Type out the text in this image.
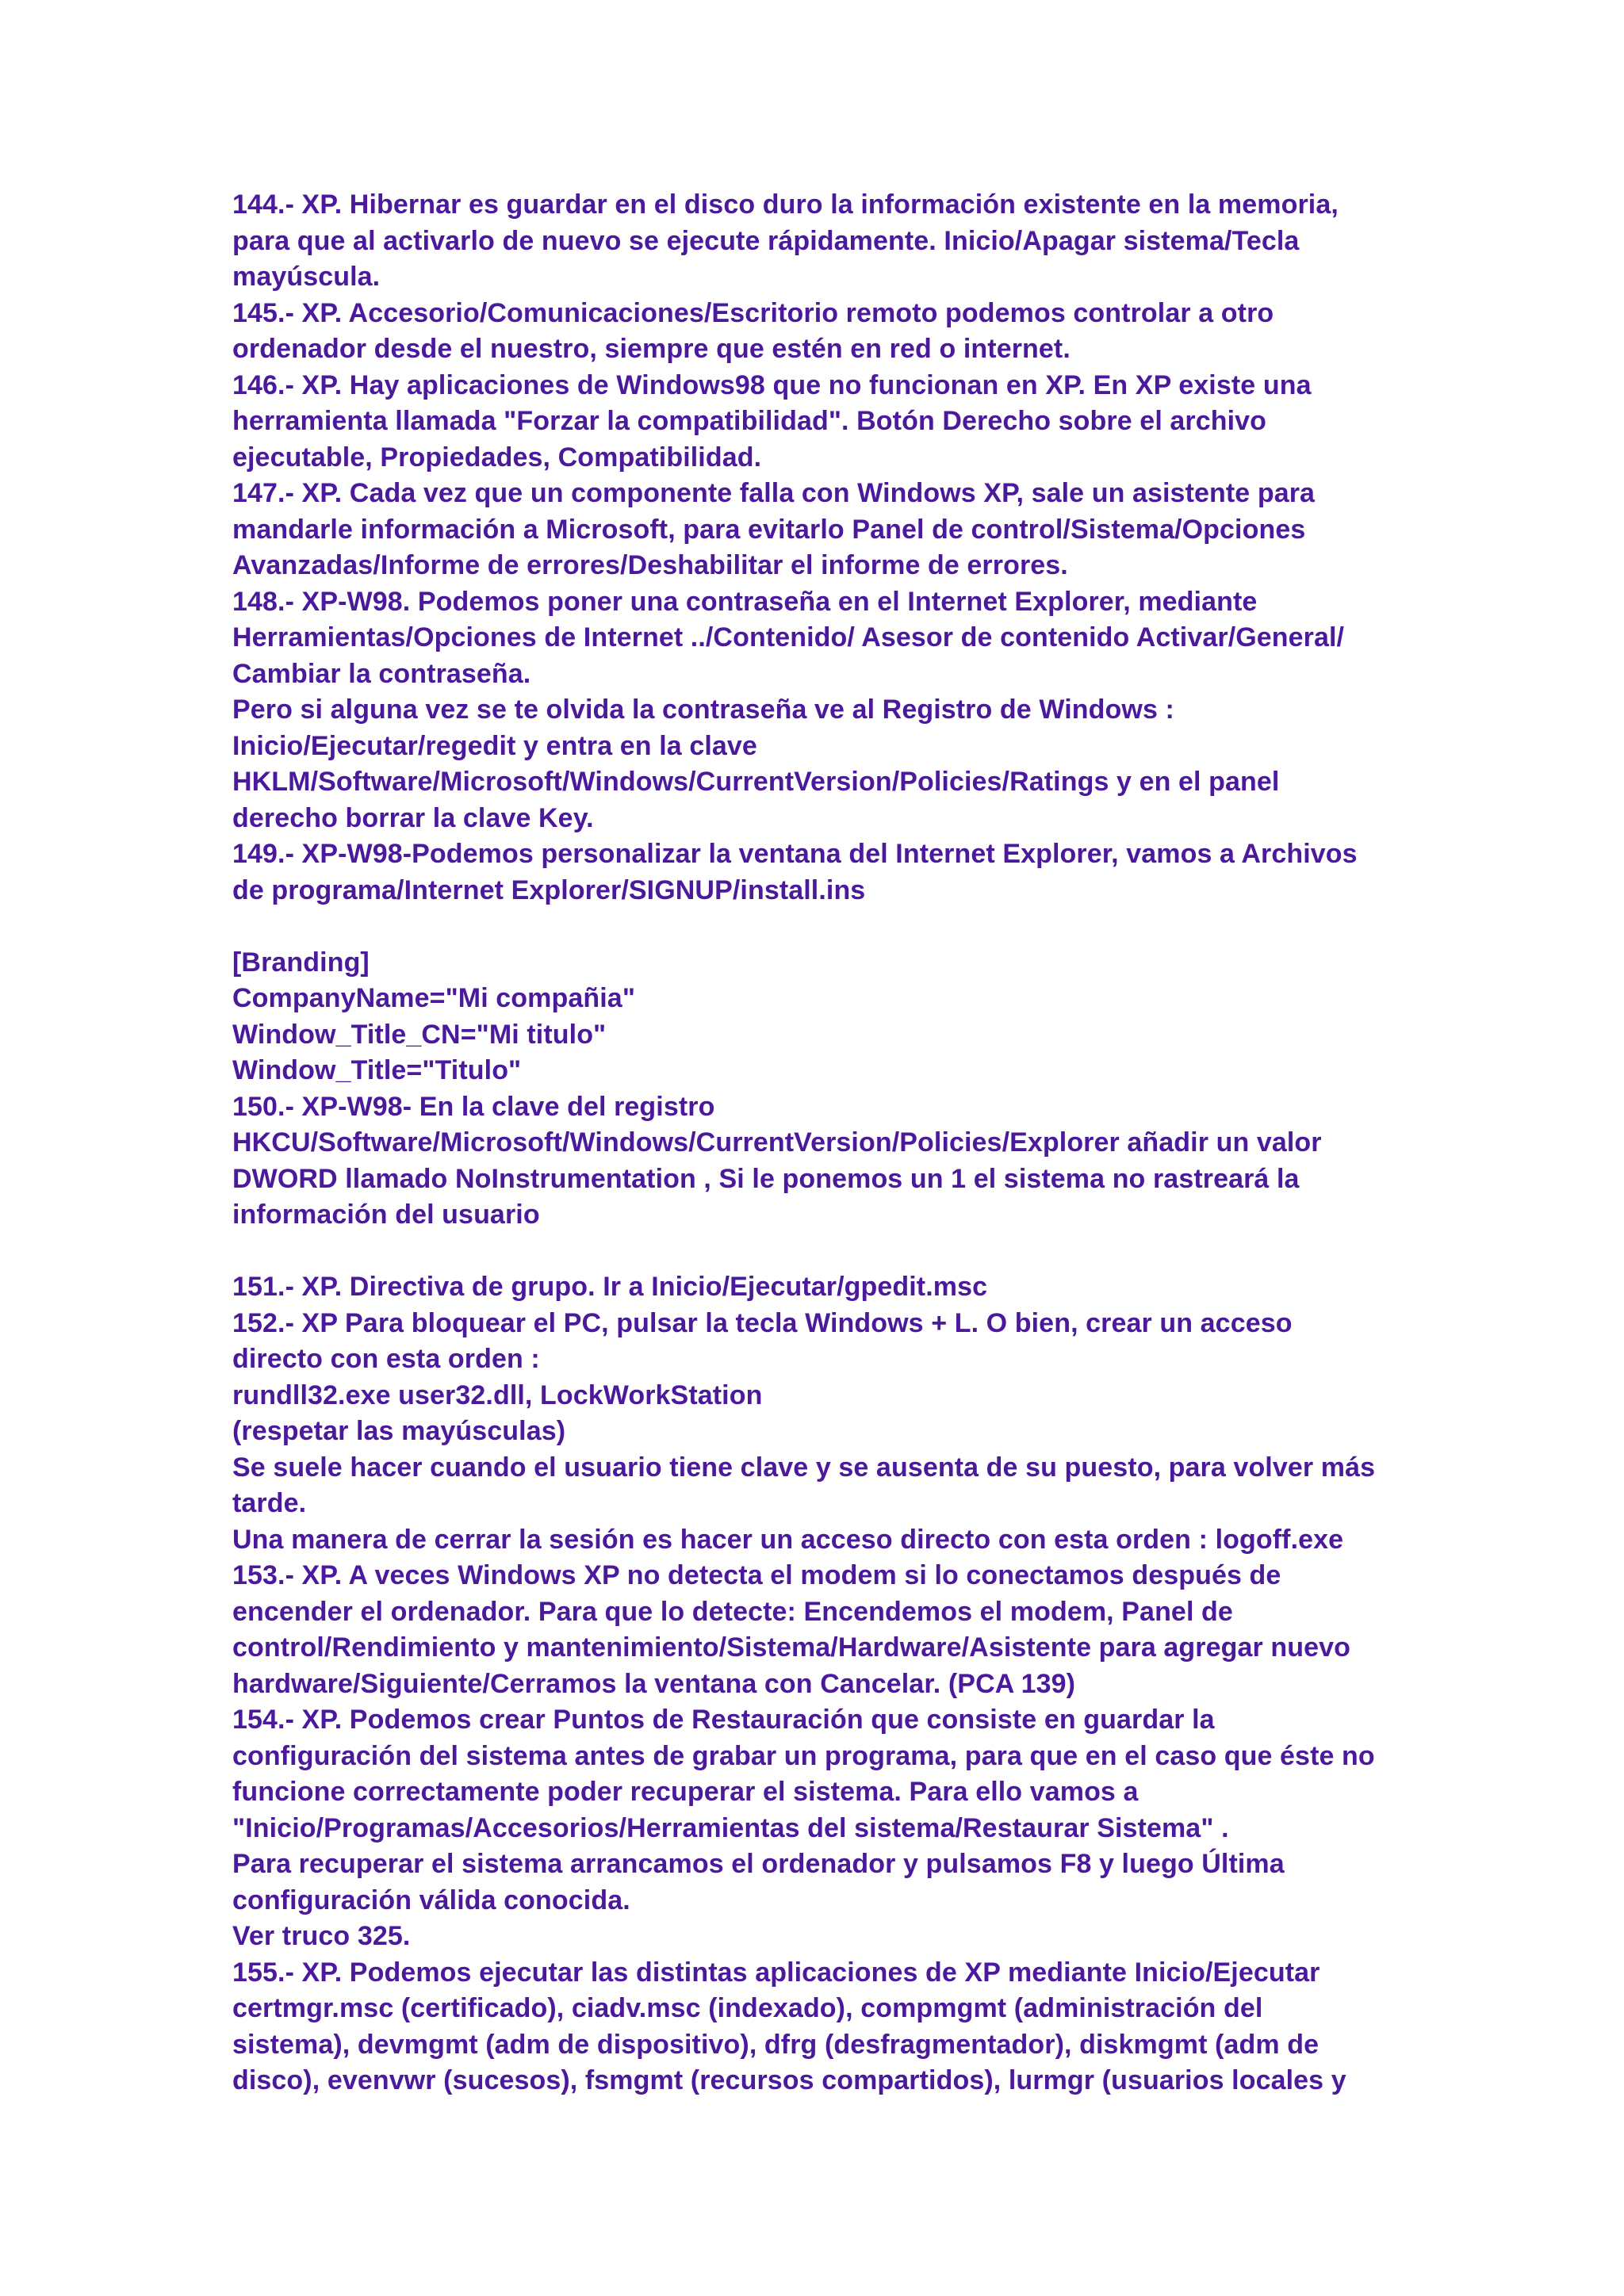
144.- XP. Hibernar es guardar en el disco duro la información existente en la memoria,
para que al activarlo de nuevo se ejecute rápidamente. Inicio/Apagar sistema/Tecla
mayúscula.
145.- XP. Accesorio/Comunicaciones/Escritorio remoto podemos controlar a otro
ordenador desde el nuestro, siempre que estén en red o internet.
146.- XP. Hay aplicaciones de Windows98 que no funcionan en XP. En XP existe una
herramienta llamada "Forzar la compatibilidad". Botón Derecho sobre el archivo
ejecutable, Propiedades, Compatibilidad.
147.- XP. Cada vez que un componente falla con Windows XP, sale un asistente para
mandarle información a Microsoft, para evitarlo Panel de control/Sistema/Opciones
Avanzadas/Informe de errores/Deshabilitar el informe de errores.
148.- XP-W98. Podemos poner una contraseña en el Internet Explorer, mediante
Herramientas/Opciones de Internet ../Contenido/ Asesor de contenido Activar/General/
Cambiar la contraseña.
Pero si alguna vez se te olvida la contraseña ve al Registro de Windows :
Inicio/Ejecutar/regedit y entra en la clave
HKLM/Software/Microsoft/Windows/CurrentVersion/Policies/Ratings y en el panel
derecho borrar la clave Key.
149.- XP-W98-Podemos personalizar la ventana del Internet Explorer, vamos a Archivos
de programa/Internet Explorer/SIGNUP/install.ins
[Branding]
CompanyName="Mi compañia"
Window_Title_CN="Mi titulo"
Window_Title="Titulo"
150.- XP-W98- En la clave del registro
HKCU/Software/Microsoft/Windows/CurrentVersion/Policies/Explorer añadir un valor
DWORD llamado NoInstrumentation , Si le ponemos un 1 el sistema no rastreará la
información del usuario
151.- XP. Directiva de grupo. Ir a Inicio/Ejecutar/gpedit.msc
152.- XP Para bloquear el PC, pulsar la tecla Windows + L. O bien, crear un acceso
directo con esta orden :
rundll32.exe user32.dll, LockWorkStation
(respetar las mayúsculas)
Se suele hacer cuando el usuario tiene clave y se ausenta de su puesto, para volver más
tarde.
Una manera de cerrar la sesión es hacer un acceso directo con esta orden : logoff.exe
153.- XP. A veces Windows XP no detecta el modem si lo conectamos después de
encender el ordenador. Para que lo detecte: Encendemos el modem, Panel de
control/Rendimiento y mantenimiento/Sistema/Hardware/Asistente para agregar nuevo
hardware/Siguiente/Cerramos la ventana con Cancelar. (PCA 139)
154.- XP. Podemos crear Puntos de Restauración que consiste en guardar la
configuración del sistema antes de grabar un programa, para que en el caso que éste no
funcione correctamente poder recuperar el sistema. Para ello vamos a
"Inicio/Programas/Accesorios/Herramientas del sistema/Restaurar Sistema" .
Para recuperar el sistema arrancamos el ordenador y pulsamos F8 y luego Última
configuración válida conocida.
Ver truco 325.
155.- XP. Podemos ejecutar las distintas aplicaciones de XP mediante Inicio/Ejecutar
certmgr.msc (certificado), ciadv.msc (indexado), compmgmt (administración del
sistema), devmgmt (adm de dispositivo), dfrg (desfragmentador), diskmgmt (adm de
disco), evenvwr (sucesos), fsmgmt (recursos compartidos), lurmgr (usuarios locales y
